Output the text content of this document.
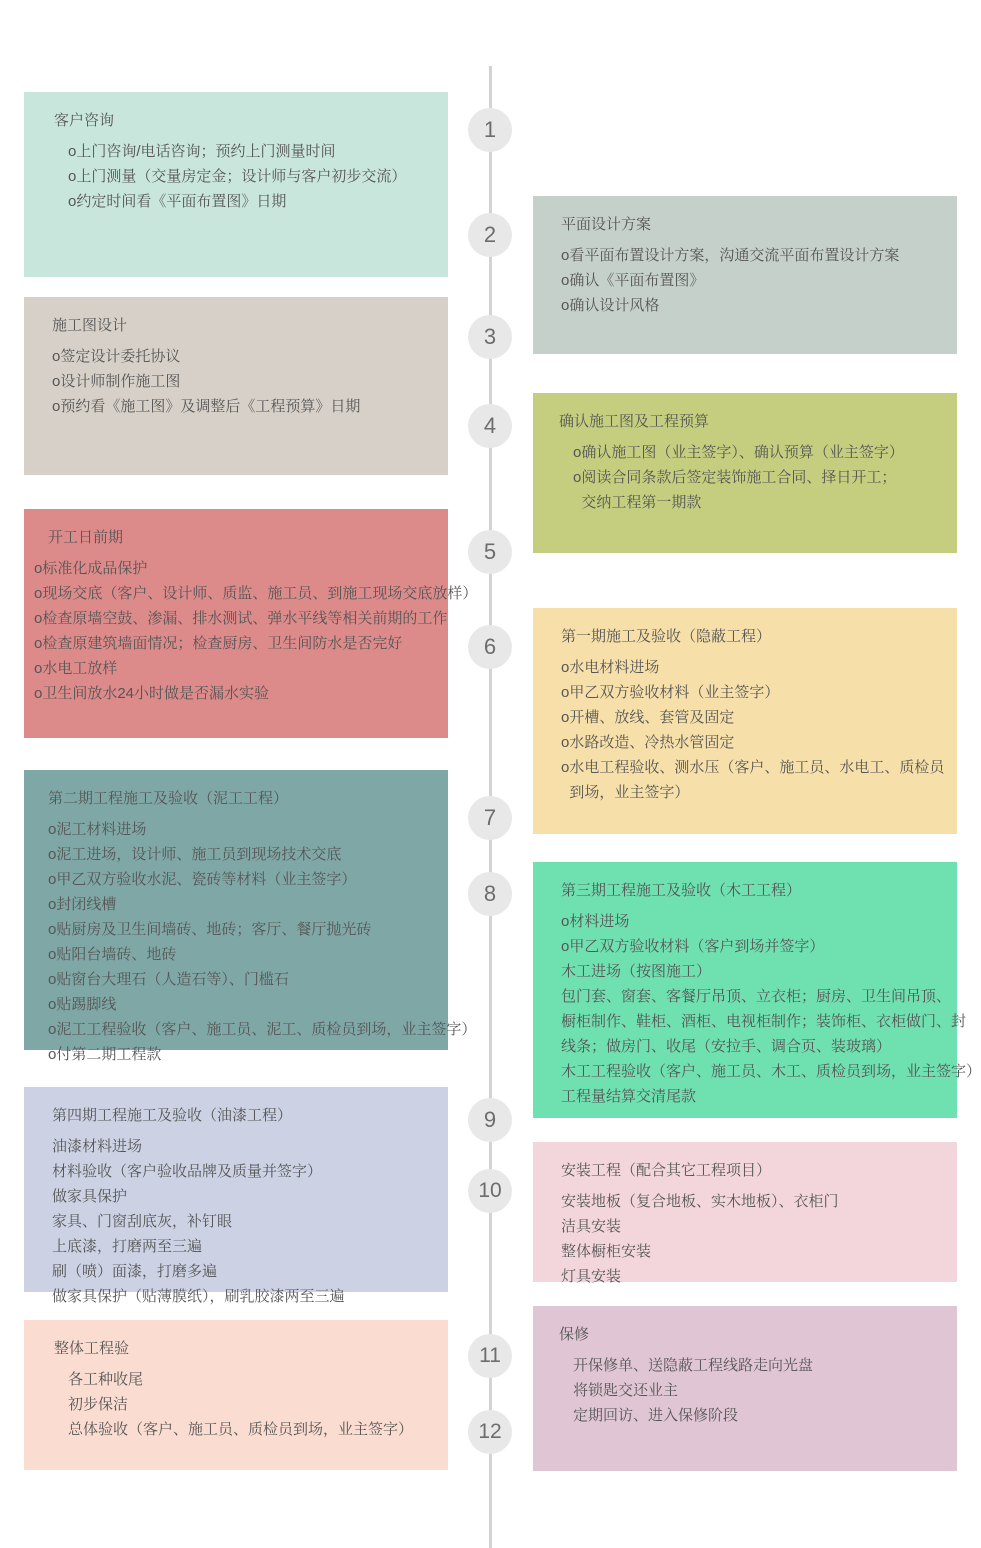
客户咨询
o上门咨询/电话咨询；预约上门测量时间
o上门测量（交量房定金；设计师与客户初步交流）
o约定时间看《平面布置图》日期
1
平面设计方案
o看平面布置设计方案，沟通交流平面布置设计方案
o确认《平面布置图》
o确认设计风格
2
施工图设计
o签定设计委托协议
o设计师制作施工图
o预约看《施工图》及调整后《工程预算》日期
3
确认施工图及工程预算
o确认施工图（业主签字）、确认预算（业主签字）
o阅读合同条款后签定装饰施工合同、择日开工；
交纳工程第一期款
4
开工日前期
o标准化成品保护
o现场交底（客户、设计师、质监、施工员、到施工现场交底放样）
o检查原墙空鼓、渗漏、排水测试、弹水平线等相关前期的工作
o检查原建筑墙面情况；检查厨房、卫生间防水是否完好
o水电工放样
o卫生间放水24小时做是否漏水实验
5
第一期施工及验收（隐蔽工程）
o水电材料进场
o甲乙双方验收材料（业主签字）
o开槽、放线、套管及固定
o水路改造、冷热水管固定
o水电工程验收、测水压（客户、施工员、水电工、质检员
到场，业主签字）
6
第二期工程施工及验收（泥工工程）
o泥工材料进场
o泥工进场，设计师、施工员到现场技术交底
o甲乙双方验收水泥、瓷砖等材料（业主签字）
o封闭线槽
o贴厨房及卫生间墙砖、地砖；客厅、餐厅抛光砖
o贴阳台墙砖、地砖
o贴窗台大理石（人造石等）、门槛石
o贴踢脚线
o泥工工程验收（客户、施工员、泥工、质检员到场，业主签字）
o付第二期工程款
7
第三期工程施工及验收（木工工程）
o材料进场
o甲乙双方验收材料（客户到场并签字）
木工进场（按图施工）
包门套、窗套、客餐厅吊顶、立衣柜；厨房、卫生间吊顶、
橱柜制作、鞋柜、酒柜、电视柜制作；装饰柜、衣柜做门、封
线条；做房门、收尾（安拉手、调合页、装玻璃）
木工工程验收（客户、施工员、木工、质检员到场，业主签字）
工程量结算交清尾款
8
第四期工程施工及验收（油漆工程）
油漆材料进场
材料验收（客户验收品牌及质量并签字）
做家具保护
家具、门窗刮底灰，补钉眼
上底漆，打磨两至三遍
刷（喷）面漆，打磨多遍
做家具保护（贴薄膜纸），刷乳胶漆两至三遍
9
安装工程（配合其它工程项目）
安装地板（复合地板、实木地板）、衣柜门
洁具安装
整体橱柜安装
灯具安装
10
整体工程验
各工种收尾
初步保洁
总体验收（客户、施工员、质检员到场，业主签字）
11
保修
开保修单、送隐蔽工程线路走向光盘
将锁匙交还业主
定期回访、进入保修阶段
12
